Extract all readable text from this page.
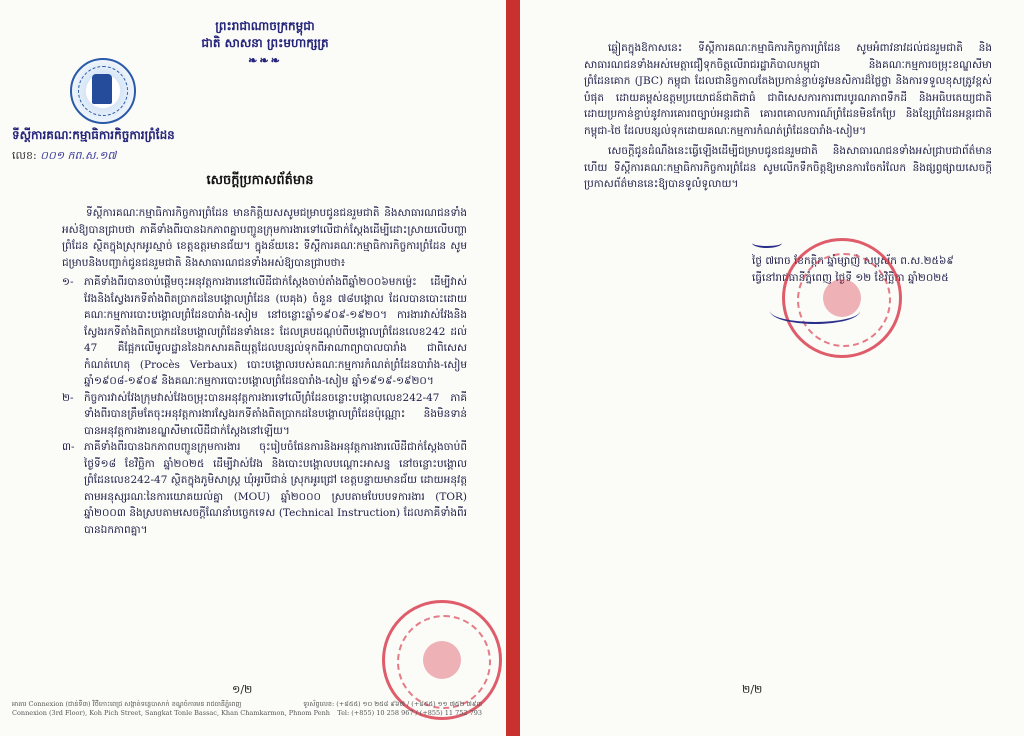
ព្រះរាជាណាចក្រកម្ពុជា
ជាតិ សាសនា ព្រះមហាក្សត្រ
❧❧❧
ទីស្តីការគណៈកម្មាធិការកិច្ចការព្រំដែន
លេខ: ០០១ កព.ស.១៧
សេចក្តីប្រកាសព័ត៌មាន

ទីស្តីការគណៈកម្មាធិការកិច្ចការព្រំដែន មានកិត្តិយសសូមជម្រាបជូនជនរួមជាតិ និងសាធារណជនទាំងអស់ឱ្យបានជ្រាបថា ភាគីទាំងពីរបានឯកភាពគ្នាបញ្ជូនក្រុមការងារទៅលើជាក់ស្តែងដើម្បីដោះស្រាយលើបញ្ហាព្រំដែន ស្ថិតក្នុងស្រុកអូរស្មាច់ ខេត្តឧត្តរមានជ័យ។ ក្នុងន័យនេះ ទីស្តីការគណៈកម្មាធិការកិច្ចការព្រំដែន សូមជម្រាបនិងបញ្ជាក់ជូនជនរួមជាតិ និងសាធារណជនទាំងអស់ឱ្យបានជ្រាបថា៖

១-	ភាគីទាំងពីរបានចាប់ផ្តើមចុះអនុវត្តការងារនៅលើដីជាក់ស្តែងចាប់តាំងពីឆ្នាំ២០០៦មកម្ល៉េះ ដើម្បីវាស់វែងនិងស្វែងរកទីតាំងពិតប្រាកដនៃបង្គោលព្រំដែន (បេគុង) ចំនួន ៧៨បង្គោល ដែលបានបោះដោយគណៈកម្មការបោះបង្គោលព្រំដែនបារាំង-សៀម នៅចន្លោះឆ្នាំ១៩០៩-១៩២០។ ការងារវាស់វែងនិងស្វែងរកទីតាំងពិតប្រាកដនៃបង្គោលព្រំដែនទាំងនេះ ដែលគ្របដណ្តប់ពីបង្គោលព្រំដែនលេខ242 ដល់ 47 គឺផ្អែកលើមូលដ្ឋាននៃឯកសារគតិយុត្តដែលបន្សល់ទុកពីអាណាព្យាបាលបារាំង ជាពិសេសកំណត់ហេតុ (Procès Verbaux) បោះបង្គោលរបស់គណៈកម្មការកំណត់ព្រំដែនបារាំង-សៀម ឆ្នាំ១៩០៨-១៩០៩ និងគណៈកម្មការបោះបង្គោលព្រំដែនបារាំង-សៀម ឆ្នាំ១៩១៩-១៩២០។
២-	កិច្ចការវាស់វែងក្រុមវាស់វែងចម្រុះបានអនុវត្តការងារទៅលើព្រំដែនចន្លោះបង្គោលលេខ242-47 ភាគីទាំងពីរបានត្រឹមតែចុះអនុវត្តការងារស្វែងរកទីតាំងពិតប្រាកដនៃបង្គោលព្រំដែនប៉ុណ្ណោះ និងមិនទាន់បានអនុវត្តការងារខណ្ឌសីមាលើដីជាក់ស្តែងនៅឡើយ។
៣- ភាគីទាំងពីរបានឯកភាពបញ្ជូនក្រុមការងារ ចុះរៀបចំផែនការនិងអនុវត្តការងារលើដីជាក់ស្តែងចាប់ពីថ្ងៃទី១៨ ខែវិច្ឆិកា ឆ្នាំ២០២៥ ដើម្បីវាស់វែង និងបោះបង្គោលបណ្តោះអាសន្ន នៅចន្លោះបង្គោលព្រំដែនលេខ242-47 ស្ថិតក្នុងភូមិសាស្ត្រ ឃុំអូរបីជាន់ ស្រុកអូរជ្រៅ ខេត្តបន្ទាយមានជ័យ ដោយអនុវត្តតាមអនុស្សរណៈនៃការយោគយល់គ្នា (MOU) ឆ្នាំ២០០០ ស្របតាមបែបបទការងារ (TOR) ឆ្នាំ២០០៣ និងស្របតាមសេចក្តីណែនាំបច្ចេកទេស (Technical Instruction) ដែលភាគីទាំងពីរបានឯកភាពគ្នា។
១/២
អាគារ Connexion (ជាន់ទី៣) វិថីកោះពេជ្រ សង្កាត់ទន្លេបាសាក់ ខណ្ឌចំការមន រាជធានីភ្នំពេញ	ទូរស័ព្ទលេខ: (+៨៥៥) ១០ ២៥៨ ៩៦៧ / (+៨៥៥) ១១ ៧៥២ ៧៩៣
Connexion (3rd Floor), Koh Pich Street, Sangkat Tonle Bassac, Khan Chamkarmon, Phnom Penh Tel: (+855) 10 258 967 / (+855) 11 752 793

ឆ្លៀតក្នុងឱកាសនេះ ទីស្តីការគណៈកម្មាធិការកិច្ចការព្រំដែន សូមអំពាវនាវដល់ជនរួមជាតិ និងសាធារណជនទាំងអស់មេត្តាជឿទុកចិត្តលើរាជរដ្ឋាភិបាលកម្ពុជា និងគណៈកម្មការចម្រុះខណ្ឌសីមាព្រំដែនគោក (JBC) កម្ពុជា ដែលជានិច្ចកាលតែងប្រកាន់ខ្ជាប់នូវមនសិការដ៏ថ្លៃថ្លា និងការទទួលខុសត្រូវខ្ពស់បំផុត ដោយគម្ពស់ឧត្តមប្រយោជន៍ជាតិជាធំ ជាពិសេសការការពារបូរណភាពទឹកដី និងអធិបតេយ្យជាតិ ដោយប្រកាន់ខ្ជាប់នូវការគោរពច្បាប់អន្តរជាតិ គោរពគោលការណ៍ព្រំដែនមិនកែប្រែ និងខ្សែព្រំដែនអន្តរជាតិ កម្ពុជា-ថៃ ដែលបន្សល់ទុកដោយគណៈកម្មការកំណត់ព្រំដែនបារាំង-សៀម។

សេចក្តីជូនដំណឹងនេះធ្វើឡើងដើម្បីជម្រាបជូនជនរួមជាតិ និងសាធារណជនទាំងអស់ជ្រាបជាព័ត៌មាន ហើយ ទីស្តីការគណៈកម្មាធិការកិច្ចការព្រំដែន សូមលើកទឹកចិត្តឱ្យមានការចែករំលែក និងផ្សព្វផ្សាយសេចក្តីប្រកាសព័ត៌មាននេះឱ្យបានទូលំទូលាយ។

ថ្ងៃ ៧រោច ខែកត្តិក ឆ្នាំម្សាញ់ សប្តស័ក ព.ស.២៥៦៩
ធ្វើនៅរាជធានីភ្នំពេញ ថ្ងៃទី ១២ ខែវិច្ឆិកា ឆ្នាំ២០២៥
២/២
